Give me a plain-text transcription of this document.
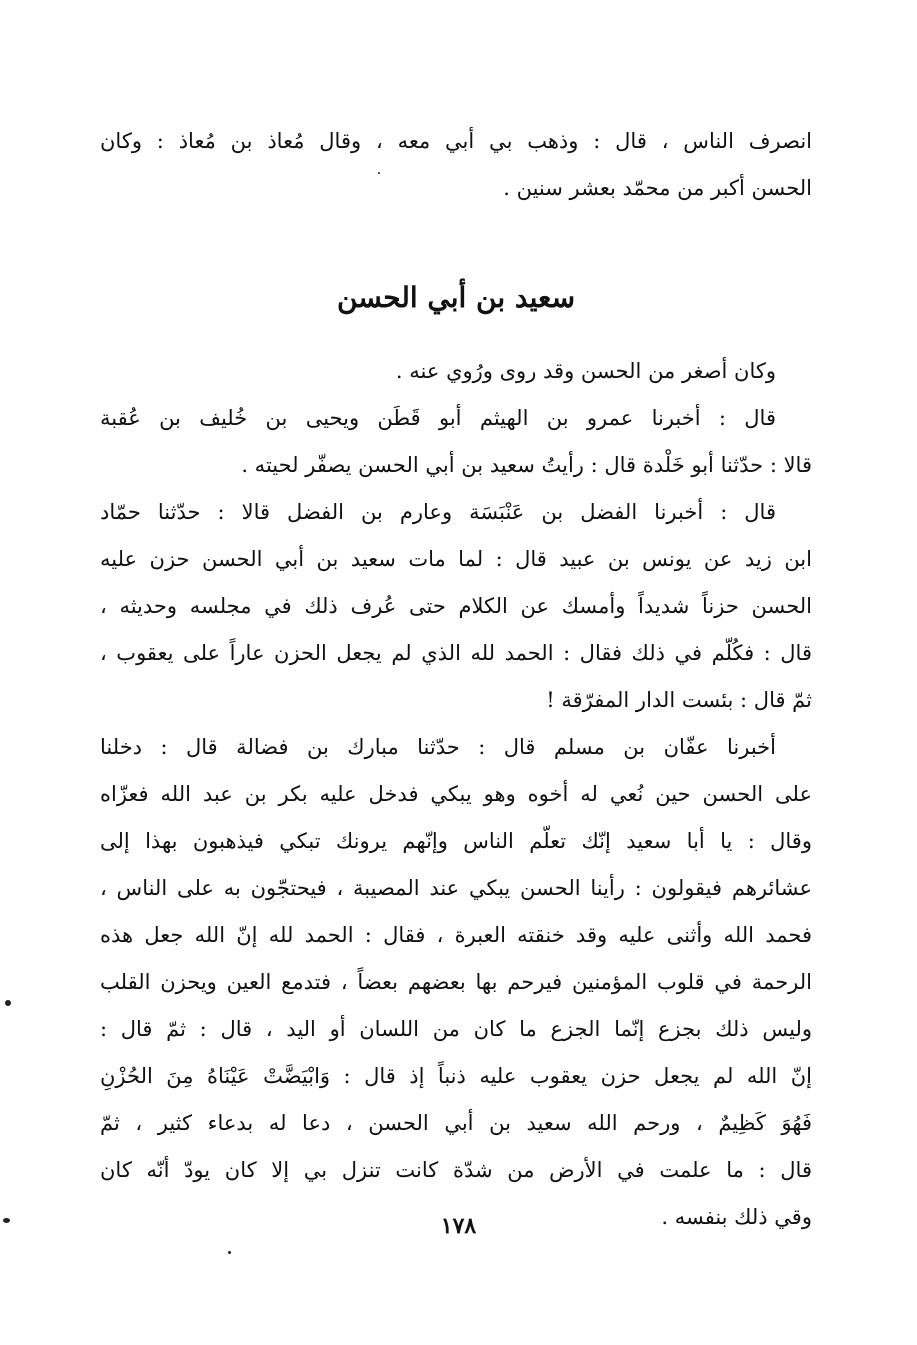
انصرف الناس ، قال : وذهب بي أبي معه ، وقال مُعاذ بن مُعاذ : وكان
الحسن أكبر من محمّد بعشر سنين .
سعيد بن أبي الحسن
وكان أصغر من الحسن وقد روى ورُوي عنه .
قال : أخبرنا عمرو بن الهيثم أبو قَطَن ويحيى بن خُليف بن عُقبة
قالا : حدّثنا أبو خَلْدة قال : رأيتُ سعيد بن أبي الحسن يصفّر لحيته .
قال : أخبرنا الفضل بن عَنْبَسَة وعارم بن الفضل قالا : حدّثنا حمّاد
ابن زيد عن يونس بن عبيد قال : لما مات سعيد بن أبي الحسن حزن عليه
الحسن حزناً شديداً وأمسك عن الكلام حتى عُرف ذلك في مجلسه وحديثه ،
قال : فكُلّم في ذلك فقال : الحمد لله الذي لم يجعل الحزن عاراً على يعقوب ،
ثمّ قال : بئست الدار المفرّقة !
أخبرنا عفّان بن مسلم قال : حدّثنا مبارك بن فضالة قال : دخلنا
على الحسن حين نُعي له أخوه وهو يبكي فدخل عليه بكر بن عبد الله فعزّاه
وقال : يا أبا سعيد إنّك تعلّم الناس وإنّهم يرونك تبكي فيذهبون بهذا إلى
عشائرهم فيقولون : رأينا الحسن يبكي عند المصيبة ، فيحتجّون به على الناس ،
فحمد الله وأثنى عليه وقد خنقته العبرة ، فقال : الحمد لله إنّ الله جعل هذه
الرحمة في قلوب المؤمنين فيرحم بها بعضهم بعضاً ، فتدمع العين ويحزن القلب
وليس ذلك بجزع إنّما الجزع ما كان من اللسان أو اليد ، قال : ثمّ قال :
إنّ الله لم يجعل حزن يعقوب عليه ذنباً إذ قال : وَابْيَضَّتْ عَيْنَاهُ مِنَ الحُزْنِ
فَهُوَ كَظِيمٌ ، ورحم الله سعيد بن أبي الحسن ، دعا له بدعاء كثير ، ثمّ
قال : ما علمت في الأرض من شدّة كانت تنزل بي إلا كان يودّ أنّه كان
وقي ذلك بنفسه .
١٧٨
